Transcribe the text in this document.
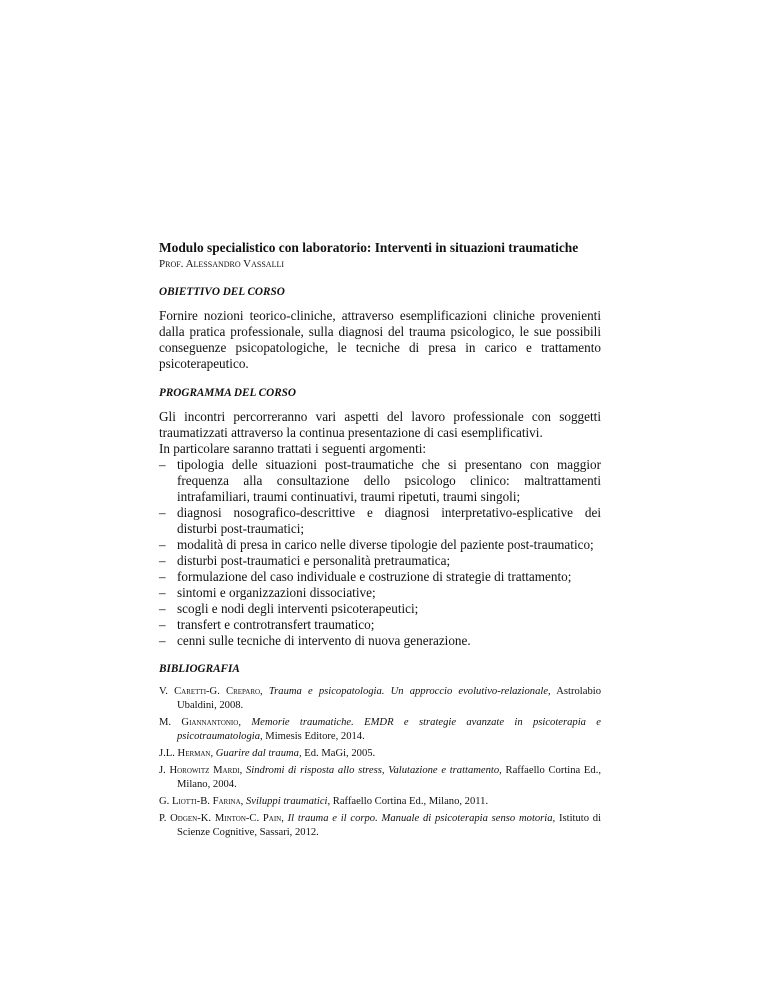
Modulo specialistico con laboratorio: Interventi in situazioni traumatiche

Prof. Alessandro Vassalli

OBIETTIVO DEL CORSO

Fornire nozioni teorico-cliniche, attraverso esemplificazioni cliniche provenienti dalla pratica professionale, sulla diagnosi del trauma psicologico, le sue possibili conseguenze psicopatologiche, le tecniche di presa in carico e trattamento psicoterapeutico.

PROGRAMMA DEL CORSO

Gli incontri percorreranno vari aspetti del lavoro professionale con soggetti traumatizzati attraverso la continua presentazione di casi esemplificativi.

In particolare saranno trattati i seguenti argomenti:

– tipologia delle situazioni post-traumatiche che si presentano con maggior frequenza alla consultazione dello psicologo clinico: maltrattamenti intrafamiliari, traumi continuativi, traumi ripetuti, traumi singoli;
– diagnosi nosografico-descrittive e diagnosi interpretativo-esplicative dei disturbi post-traumatici;
– modalità di presa in carico nelle diverse tipologie del paziente post-traumatico;
– disturbi post-traumatici e personalità pretraumatica;
– formulazione del caso individuale e costruzione di strategie di trattamento;
– sintomi e organizzazioni dissociative;
– scogli e nodi degli interventi psicoterapeutici;
– transfert e controtransfert traumatico;
– cenni sulle tecniche di intervento di nuova generazione.

BIBLIOGRAFIA

V. Caretti-G. Creparo, Trauma e psicopatologia. Un approccio evolutivo-relazionale, Astrolabio Ubaldini, 2008.

M. Giannantonio, Memorie traumatiche. EMDR e strategie avanzate in psicoterapia e psicotraumatologia, Mimesis Editore, 2014.

J.L. Herman, Guarire dal trauma, Ed. MaGi, 2005.

J. Horowitz Mardi, Sindromi di risposta allo stress, Valutazione e trattamento, Raffaello Cortina Ed., Milano, 2004.

G. Liotti-B. Farina, Sviluppi traumatici, Raffaello Cortina Ed., Milano, 2011.

P. Odgen-K. Minton-C. Pain, Il trauma e il corpo. Manuale di psicoterapia senso motoria, Istituto di Scienze Cognitive, Sassari, 2012.
